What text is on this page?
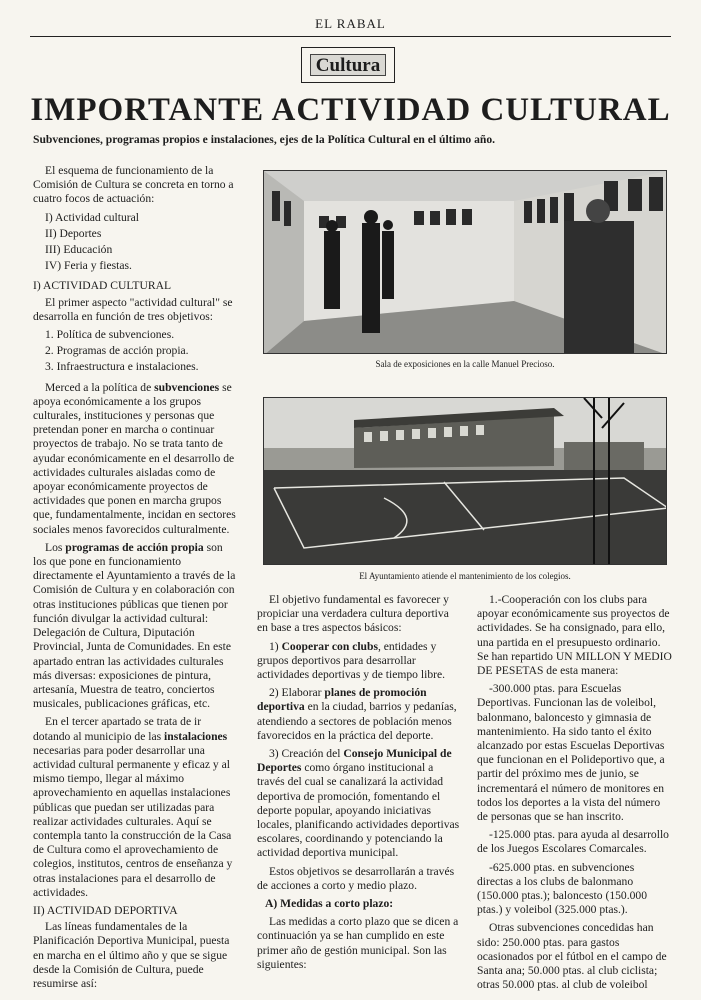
EL RABAL
Cultura
IMPORTANTE ACTIVIDAD CULTURAL
Subvenciones, programas propios e instalaciones, ejes de la Política Cultural en el último año.

El esquema de funcionamiento de la Comisión de Cultura se concreta en torno a cuatro focos de actuación:

I) Actividad cultural
II) Deportes
III) Educación
IV) Feria y fiestas.
I) ACTIVIDAD CULTURAL

El primer aspecto "actividad cultural" se desarrolla en función de tres objetivos:

1. Política de subvenciones.
2. Programas de acción propia.
3. Infraestructura e instalaciones.

Merced a la política de subvenciones se apoya económicamente a los grupos culturales, instituciones y personas que pretendan poner en marcha o continuar proyectos de trabajo. No se trata tanto de ayudar económicamente en el desarrollo de actividades culturales aisladas como de apoyar económicamente proyectos de actividades que ponen en marcha grupos que, fundamentalmente, incidan en sectores sociales menos favorecidos culturalmente.

Los programas de acción propia son los que pone en funcionamiento directamente el Ayuntamiento a través de la Comisión de Cultura y en colaboración con otras instituciones públicas que tienen por función divulgar la actividad cultural: Delegación de Cultura, Diputación Provincial, Junta de Comunidades. En este apartado entran las actividades culturales más diversas: exposiciones de pintura, artesanía, Muestra de teatro, conciertos musicales, publicaciones gráficas, etc.

En el tercer apartado se trata de ir dotando al municipio de las instalaciones necesarias para poder desarrollar una actividad cultural permanente y eficaz y al mismo tiempo, llegar al máximo aprovechamiento en aquellas instalaciones públicas que puedan ser utilizadas para realizar actividades culturales. Aquí se contempla tanto la construcción de la Casa de Cultura como el aprovechamiento de colegios, institutos, centros de enseñanza y otras instalaciones para el desarrollo de actividades.

II) ACTIVIDAD DEPORTIVA

Las líneas fundamentales de la Planificación Deportiva Municipal, puesta en marcha en el último año y que se sigue desde la Comisión de Cultura, puede resumirse así:

Sala de exposiciones en la calle Manuel Precioso.
El Ayuntamiento atiende el mantenimiento de los colegios.

El objetivo fundamental es favorecer y propiciar una verdadera cultura deportiva en base a tres aspectos básicos:

1) Cooperar con clubs, entidades y grupos deportivos para desarrollar actividades deportivas y de tiempo libre.

2) Elaborar planes de promoción deportiva en la ciudad, barrios y pedanías, atendiendo a sectores de población menos favorecidos en la práctica del deporte.

3) Creación del Consejo Municipal de Deportes como órgano institucional a través del cual se canalizará la actividad deportiva de promoción, fomentando el deporte popular, apoyando iniciativas locales, planificando actividades deportivas escolares, coordinando y potenciando la actividad deportiva municipal.

Estos objetivos se desarrollarán a través de acciones a corto y medio plazo.

A) Medidas a corto plazo:

Las medidas a corto plazo que se dicen a continuación ya se han cumplido en este primer año de gestión municipal. Son las siguientes:

1.-Cooperación con los clubs para apoyar económicamente sus proyectos de actividades. Se ha consignado, para ello, una partida en el presupuesto ordinario. Se han repartido UN MILLON Y MEDIO DE PESETAS de esta manera:

-300.000 ptas. para Escuelas Deportivas. Funcionan las de voleibol, balonmano, baloncesto y gimnasia de mantenimiento. Ha sido tanto el éxito alcanzado por estas Escuelas Deportivas que funcionan en el Polideportivo que, a partir del próximo mes de junio, se incrementará el número de monitores en todos los deportes a la vista del número de personas que se han inscrito.

-125.000 ptas. para ayuda al desarrollo de los Juegos Escolares Comarcales.

-625.000 ptas. en subvenciones directas a los clubs de balonmano (150.000 ptas.); baloncesto (150.000 ptas.) y voleibol (325.000 ptas.).

Otras subvenciones concedidas han sido: 250.000 ptas. para gastos ocasionados por el fútbol en el campo de Santa ana; 50.000 ptas. al club ciclista; otras 50.000 ptas. al club de voleibol
